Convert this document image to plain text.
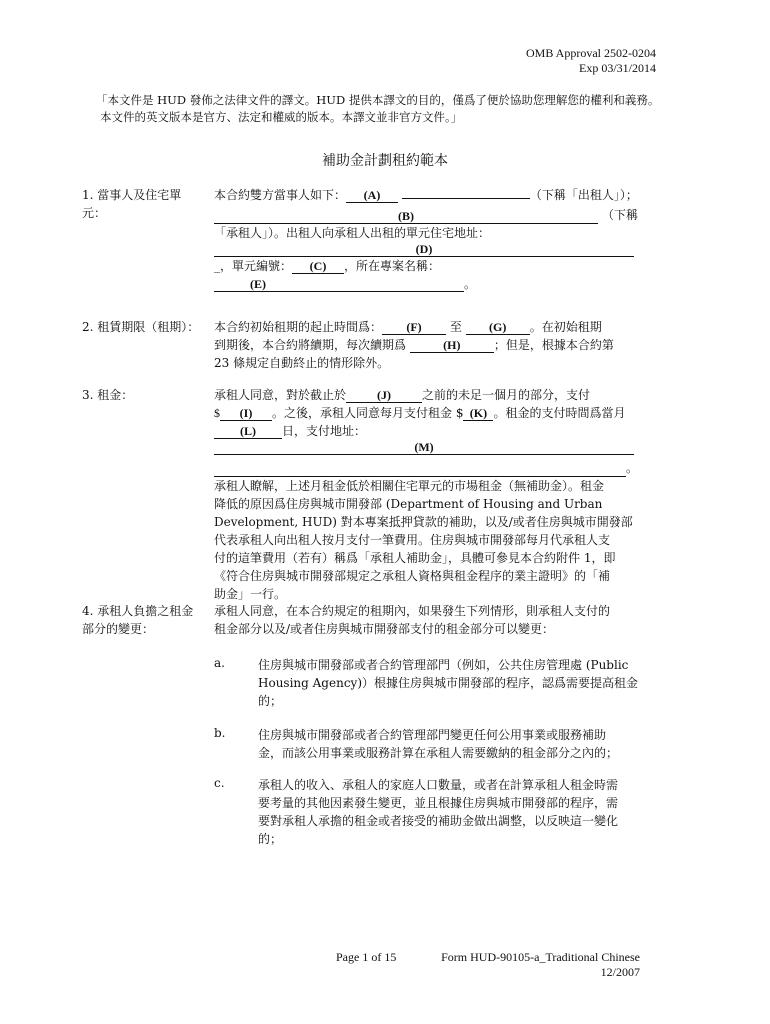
OMB Approval 2502-0204
Exp 03/31/2014
「本文件是 HUD 發佈之法律文件的譯文。HUD 提供本譯文的目的，僅爲了便於協助您理解您的權利和義務。
本文件的英文版本是官方、法定和權威的版本。本譯文並非官方文件。」
補助金計劃租約範本
1. 當事人及住宅單元：
本合約雙方當事人如下： (A)	（下稱「出租人」）；
(B)	（下稱
「承租人」）。出租人向承租人出租的單元住宅地址：
(D)
_，單元編號： (C) ，所在專案名稱：
(E)	。
2. 租賃期限（租期）： 本合約初始租期的起止時間爲： (F) 至 (G) 。在初始租期
到期後，本合約將續期，每次續期爲	(H)	；但是，根據本合約第
23 條規定自動終止的情形除外。
3. 租金：	承租人同意，對於截止於	(J)	之前的未足一個月的部分，支付
$ (I) 。之後，承租人同意每月支付租金 $ (K) 。租金的支付時間爲當月
(L) 日，支付地址：
(M)
。
承租人瞭解，上述月租金低於相關住宅單元的市場租金（無補助金）。租金
降低的原因爲住房與城市開發部 (Department of Housing and Urban
Development, HUD) 對本專案抵押貸款的補助，以及/或者住房與城市開發部
代表承租人向出租人按月支付一筆費用。住房與城市開發部每月代承租人支
付的這筆費用（若有）稱爲「承租人補助金」，具體可參見本合約附件 1，即
《符合住房與城市開發部規定之承租人資格與租金程序的業主證明》的「補
助金」一行。
4. 承租人負擔之租金部分的變更：
承租人同意，在本合約規定的租期內，如果發生下列情形，則承租人支付的
租金部分以及/或者住房與城市開發部支付的租金部分可以變更：
a.	住房與城市開發部或者合約管理部門（例如，公共住房管理處 (Public
Housing Agency)）根據住房與城市開發部的程序，認爲需要提高租金
的；
b.	住房與城市開發部或者合約管理部門變更任何公用事業或服務補助
金，而該公用事業或服務計算在承租人需要繳納的租金部分之內的；
c.	承租人的收入、承租人的家庭人口數量，或者在計算承租人租金時需
要考量的其他因素發生變更，並且根據住房與城市開發部的程序，需
要對承租人承擔的租金或者接受的補助金做出調整，以反映這一變化
的；
Page 1 of 15	Form HUD-90105-a_Traditional Chinese
12/2007
